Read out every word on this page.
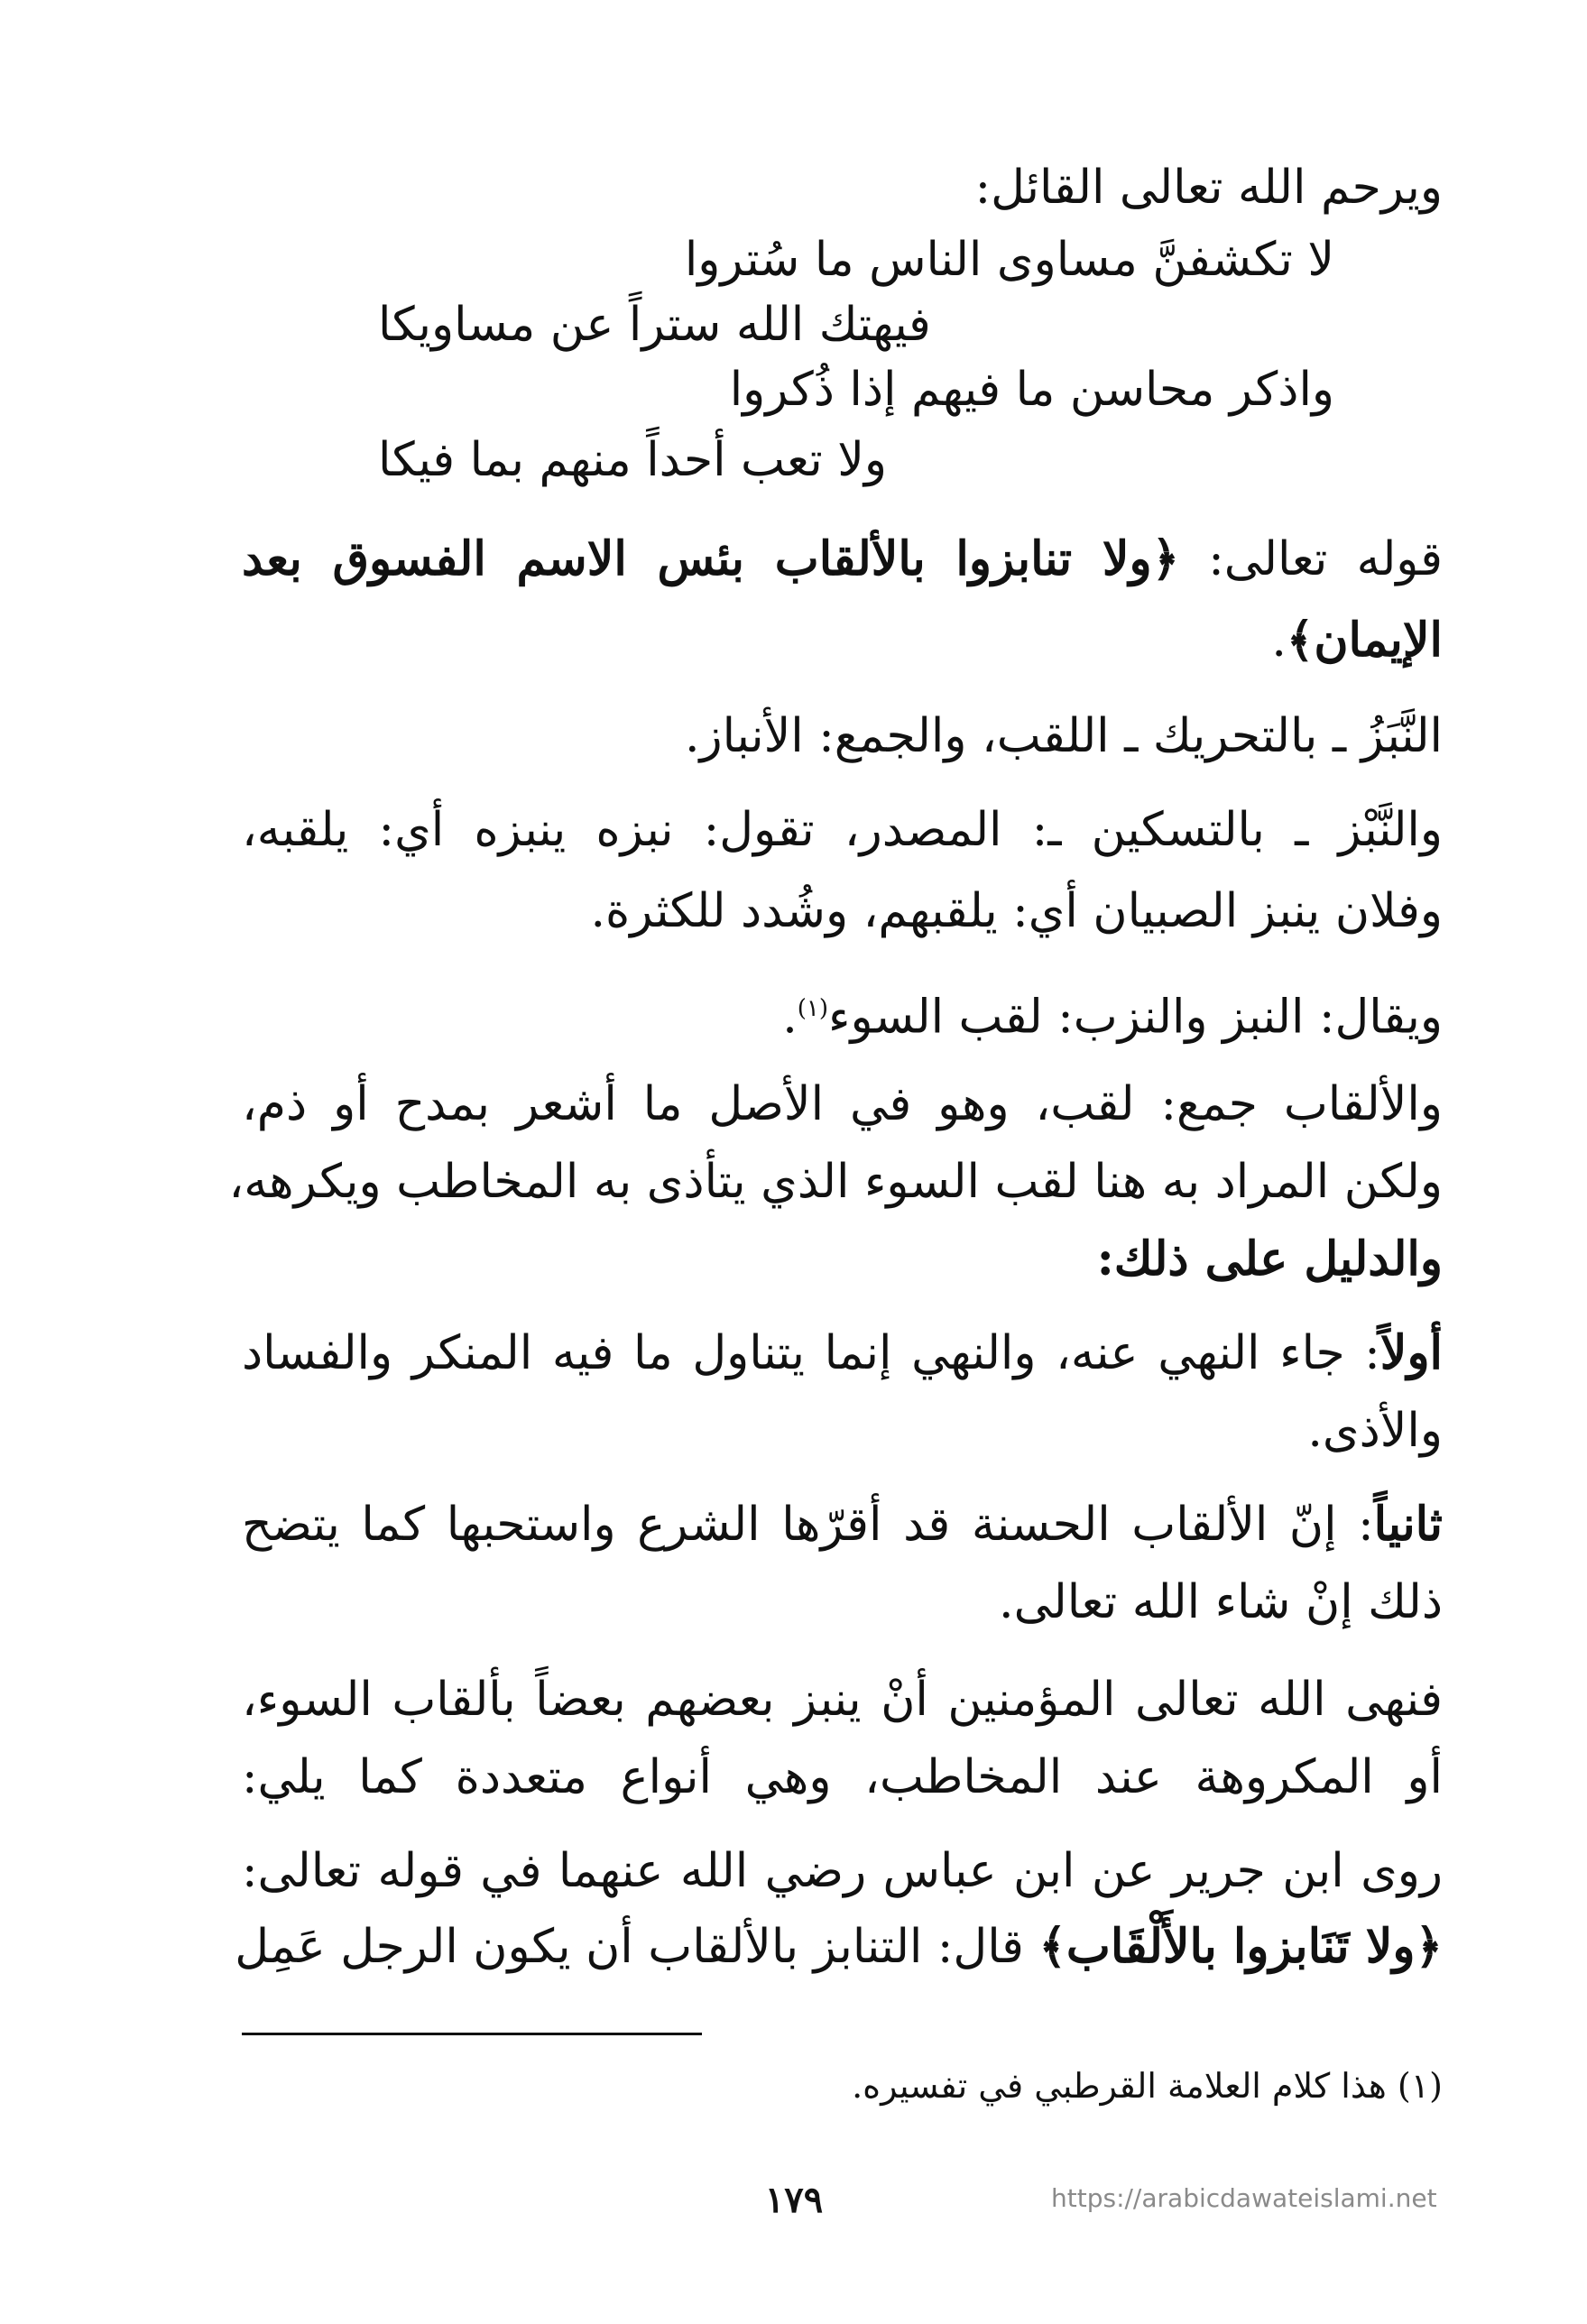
ويرحم الله تعالى القائل:
لا تكشفنَّ مساوى الناس ما سُتروا
فيهتك الله ستراً عن مساويكا
واذكر محاسن ما فيهم إذا ذُكروا
ولا تعب أحداً منهم بما فيكا
قوله تعالى: ﴿ولا تنابزوا بالألقاب بئس الاسم الفسوق بعد
الإيمان﴾.
النَّبَزُ ـ بالتحريك ـ اللقب، والجمع: الأنباز.
والنَّبْز ـ بالتسكين ـ: المصدر، تقول: نبزه ينبزه أي: يلقبه،
وفلان ينبز الصبيان أي: يلقبهم، وشُدد للكثرة.
ويقال: النبز والنزب: لقب السوء$^{(١)}$.
والألقاب جمع: لقب، وهو في الأصل ما أشعر بمدح أو ذم،
ولكن المراد به هنا لقب السوء الذي يتأذى به المخاطب ويكرهه،
والدليل على ذلك:
أولاً: جاء النهي عنه، والنهي إنما يتناول ما فيه المنكر والفساد
والأذى.
ثانياً: إنّ الألقاب الحسنة قد أقرّها الشرع واستحبها كما يتضح
ذلك إنْ شاء الله تعالى.
فنهى الله تعالى المؤمنين أنْ ينبز بعضهم بعضاً بألقاب السوء،
أو المكروهة عند المخاطب، وهي أنواع متعددة كما يلي:
روى ابن جرير عن ابن عباس رضي الله عنهما في قوله تعالى:
﴿ولا تَنَابزوا بالأَلْقَاب﴾ قال: التنابز بالألقاب أن يكون الرجل عَمِل
(١) هذا كلام العلامة القرطبي في تفسيره.
١٧٩	https://arabicdawateislami.net
